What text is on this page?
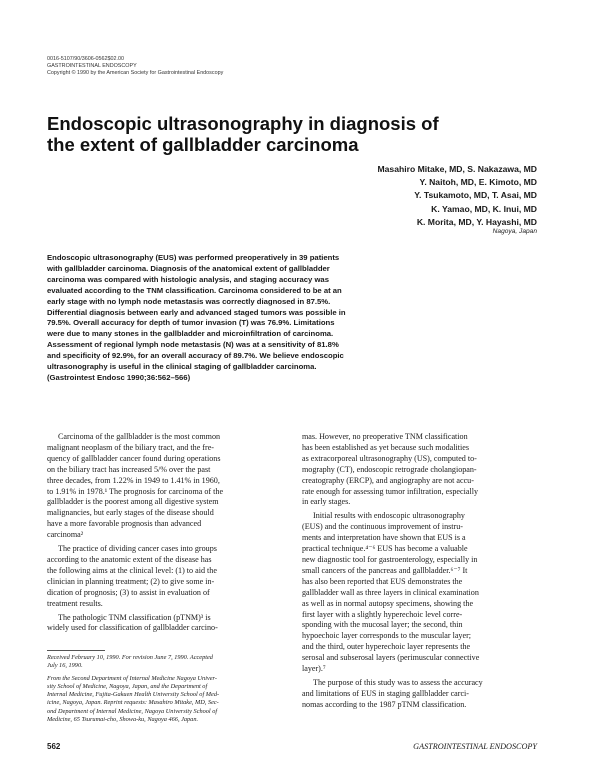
0016-5107/90/3606-0562$02.00
GASTROINTESTINAL ENDOSCOPY
Copyright © 1990 by the American Society for Gastrointestinal Endoscopy
Endoscopic ultrasonography in diagnosis of
the extent of gallbladder carcinoma
Masahiro Mitake, MD, S. Nakazawa, MD
Y. Naitoh, MD, E. Kimoto, MD
Y. Tsukamoto, MD, T. Asai, MD
K. Yamao, MD, K. Inui, MD
K. Morita, MD, Y. Hayashi, MD
Nagoya, Japan
Endoscopic ultrasonography (EUS) was performed preoperatively in 39 patients
with gallbladder carcinoma. Diagnosis of the anatomical extent of gallbladder
carcinoma was compared with histologic analysis, and staging accuracy was
evaluated according to the TNM classification. Carcinoma considered to be at an
early stage with no lymph node metastasis was correctly diagnosed in 87.5%.
Differential diagnosis between early and advanced staged tumors was possible in
79.5%. Overall accuracy for depth of tumor invasion (T) was 76.9%. Limitations
were due to many stones in the gallbladder and microinfiltration of carcinoma.
Assessment of regional lymph node metastasis (N) was at a sensitivity of 81.8%
and specificity of 92.9%, for an overall accuracy of 89.7%. We believe endoscopic
ultrasonography is useful in the clinical staging of gallbladder carcinoma.
(Gastrointest Endosc 1990;36:562–566)
Carcinoma of the gallbladder is the most common
malignant neoplasm of the biliary tract, and the fre-
quency of gallbladder cancer found during operations
on the biliary tract has increased 5/% over the past
three decades, from 1.22% in 1949 to 1.41% in 1960,
to 1.91% in 1978.¹ The prognosis for carcinoma of the
gallbladder is the poorest among all digestive system
malignancies, but early stages of the disease should
have a more favorable prognosis than advanced
carcinoma²
The practice of dividing cancer cases into groups
according to the anatomic extent of the disease has
the following aims at the clinical level: (1) to aid the
clinician in planning treatment; (2) to give some in-
dication of prognosis; (3) to assist in evaluation of
treatment results.
The pathologic TNM classification (pTNM)³ is
widely used for classification of gallbladder carcino-
Received February 10, 1990. For revision June 7, 1990. Accepted
July 16, 1990.
From the Second Department of Internal Medicine Nagoya Univer-
sity School of Medicine, Nagoya, Japan, and the Department of
Internal Medicine, Fujita-Gakuen Health University School of Med-
icine, Nagoya, Japan. Reprint requests: Masahiro Mitake, MD, Sec-
ond Department of Internal Medicine, Nagoya University School of
Medicine, 65 Tsurumai-cho, Showa-ku, Nagoya 466, Japan.
mas. However, no preoperative TNM classification
has been established as yet because such modalities
as extracorporeal ultrasonography (US), computed to-
mography (CT), endoscopic retrograde cholangiopan-
creatography (ERCP), and angiography are not accu-
rate enough for assessing tumor infiltration, especially
in early stages.
Initial results with endoscopic ultrasonography
(EUS) and the continuous improvement of instru-
ments and interpretation have shown that EUS is a
practical technique.⁴⁻⁶ EUS has become a valuable
new diagnostic tool for gastroenterology, especially in
small cancers of the pancreas and gallbladder.⁶⁻⁷ It
has also been reported that EUS demonstrates the
gallbladder wall as three layers in clinical examination
as well as in normal autopsy specimens, showing the
first layer with a slightly hyperechoic level corre-
sponding with the mucosal layer; the second, thin
hypoechoic layer corresponds to the muscular layer;
and the third, outer hyperechoic layer represents the
serosal and subserosal layers (perimuscular connective
layer).⁷
The purpose of this study was to assess the accuracy
and limitations of EUS in staging gallbladder carci-
nomas according to the 1987 pTNM classification.
562	GASTROINTESTINAL ENDOSCOPY
